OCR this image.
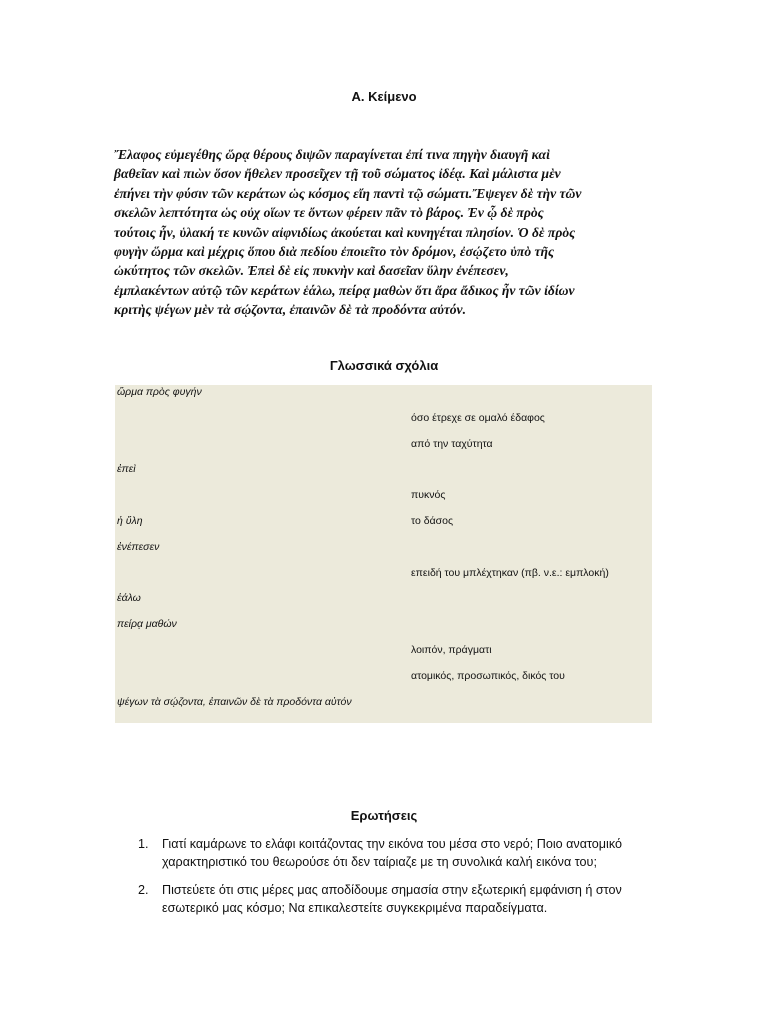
Α. Κείμενο
Ἔλαφος εὐμεγέθης ὥρᾳ θέρους διψῶν παραγίνεται ἐπί τινα πηγὴν διαυγῆ καὶ
βαθεῖαν καὶ πιὼν ὅσον ἤθελεν προσεῖχεν τῇ τοῦ σώματος ἰδέᾳ. Καὶ μάλιστα μὲν
ἐπήνει τὴν φύσιν τῶν κεράτων ὡς κόσμος εἴη παντὶ τῷ σώματι.Ἔψεγεν δὲ τὴν τῶν
σκελῶν λεπτότητα ὡς οὐχ οἵων τε ὄντων φέρειν πᾶν τὸ βάρος. Ἐν ᾧ δὲ πρὸς
τούτοις ἦν, ὑλακή τε κυνῶν αἰφνιδίως ἀκούεται καὶ κυνηγέται πλησίον. Ὁ δὲ πρὸς
φυγὴν ὥρμα καὶ μέχρις ὅπου διὰ πεδίου ἐποιεῖτο τὸν δρόμον, ἐσῴζετο ὑπὸ τῆς
ὠκύτητος τῶν σκελῶν. Ἐπεὶ δὲ εἰς πυκνὴν καὶ δασεῖαν ὕλην ἐνέπεσεν,
ἐμπλακέντων αὐτῷ τῶν κεράτων ἑάλω, πείρᾳ μαθὼν ὅτι ἄρα ἄδικος ἦν τῶν ἰδίων
κριτὴς ψέγων μὲν τὰ σῴζοντα, ἐπαινῶν δὲ τὰ προδόντα αὐτόν.
Γλωσσικά σχόλια
ὥρμα πρὸς φυγήν
όσο έτρεχε σε ομαλό έδαφος
από την ταχύτητα
ἐπεὶ
πυκνός
ἡ ὕλη	το δάσος
ἐνέπεσεν
επειδή του μπλέχτηκαν (πβ. ν.ε.: εμπλοκή)
ἑάλω
πείρᾳ μαθών
λοιπόν, πράγματι
ατομικός, προσωπικός, δικός του
ψέγων τὰ σῴζοντα, ἐπαινῶν δὲ τὰ προδόντα αὐτόν
Ερωτήσεις
1. Γιατί καμάρωνε το ελάφι κοιτάζοντας την εικόνα του μέσα στο νερό; Ποιο ανατομικό χαρακτηριστικό του θεωρούσε ότι δεν ταίριαζε με τη συνολικά καλή εικόνα του;
2. Πιστεύετε ότι στις μέρες μας αποδίδουμε σημασία στην εξωτερική εμφάνιση ή στον εσωτερικό μας κόσμο; Να επικαλεστείτε συγκεκριμένα παραδείγματα.
